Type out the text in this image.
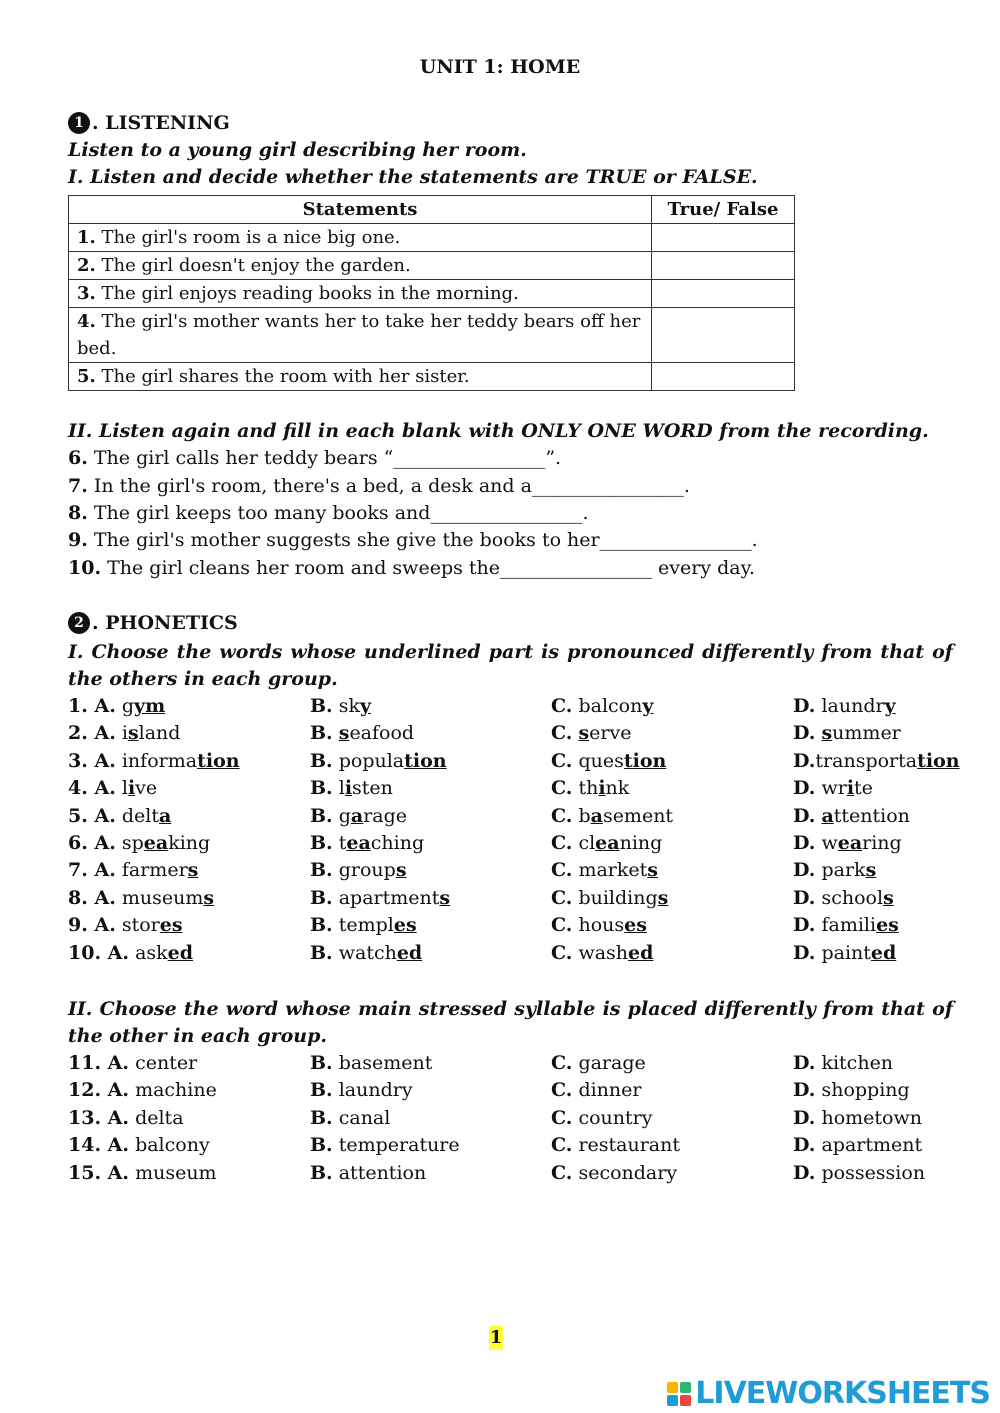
UNIT 1: HOME
1 . LISTENING
Listen to a young girl describing her room.
I. Listen and decide whether the statements are TRUE or FALSE.
Statements	True/ False
1. The girl's room is a nice big one.	
2. The girl doesn't enjoy the garden.	
3. The girl enjoys reading books in the morning.	
4. The girl's mother wants her to take her teddy bears off her bed.	
5. The girl shares the room with her sister.	
II. Listen again and fill in each blank with ONLY ONE WORD from the recording.
6. The girl calls her teddy bears “________________”.
7. In the girl's room, there's a bed, a desk and a________________.
8. The girl keeps too many books and________________.
9. The girl's mother suggests she give the books to her________________.
10. The girl cleans her room and sweeps the________________ every day.
2 . PHONETICS
I. Choose the words whose underlined part is pronounced differently from that of the others in each group.
1. A. gym	B. sky	C. balcony	D. laundry
2. A. island	B. seafood	C. serve	D. summer
3. A. information	B. population	C. question	D.transportation
4. A. live	B. listen	C. think	D. write
5. A. delta	B. garage	C. basement	D. attention
6. A. speaking	B. teaching	C. cleaning	D. wearing
7. A. farmers	B. groups	C. markets	D. parks
8. A. museums	B. apartments	C. buildings	D. schools
9. A. stores	B. temples	C. houses	D. families
10. A. asked	B. watched	C. washed	D. painted
II. Choose the word whose main stressed syllable is placed differently from that of the other in each group.
11. A. center	B. basement	C. garage	D. kitchen
12. A. machine	B. laundry	C. dinner	D. shopping
13. A. delta	B. canal	C. country	D. hometown
14. A. balcony	B. temperature	C. restaurant	D. apartment
15. A. museum	B. attention	C. secondary	D. possession
1
LIVEWORKSHEETS
